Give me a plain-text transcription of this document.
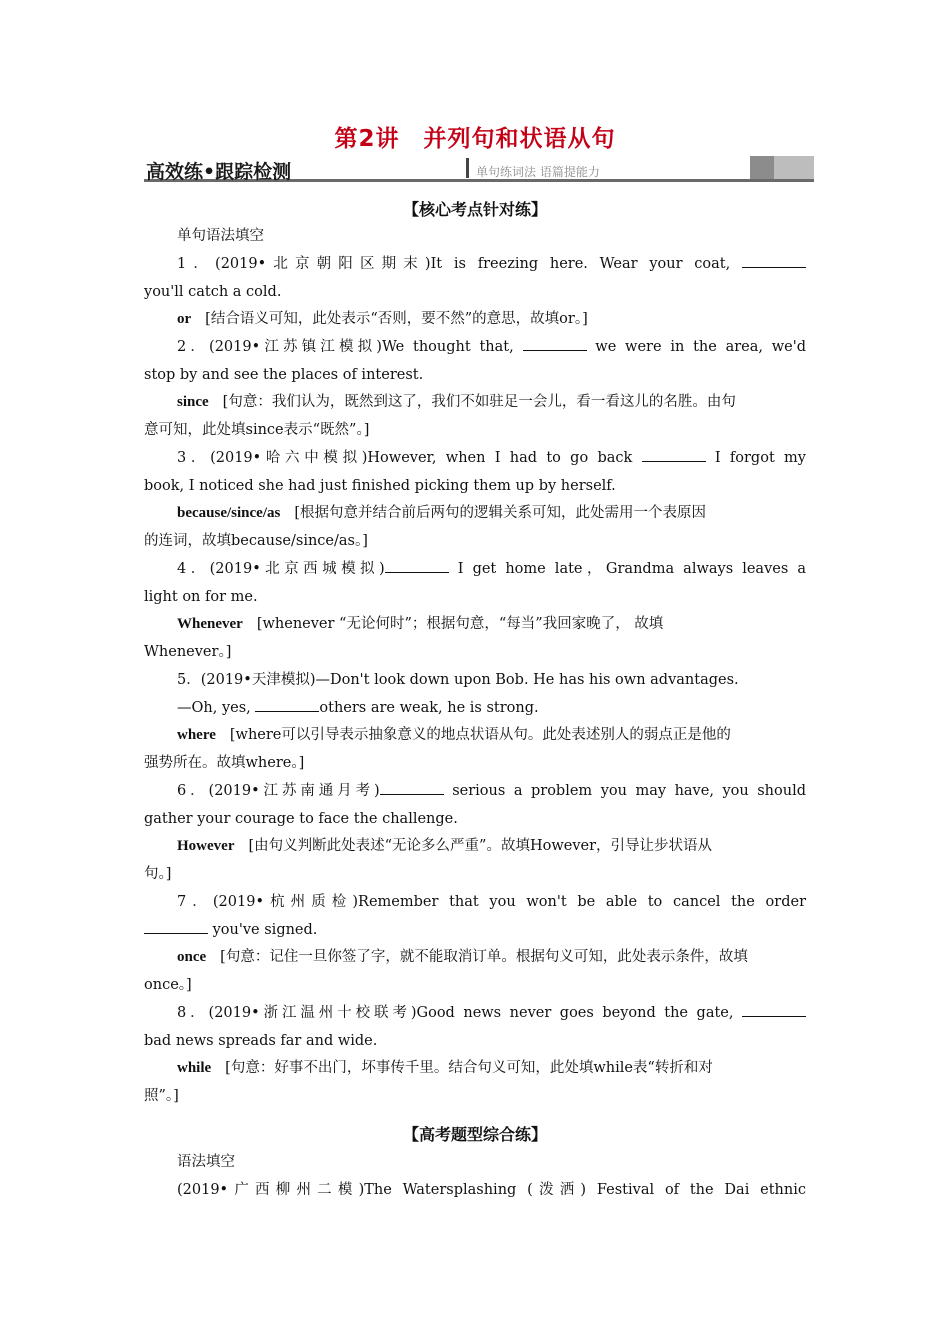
第2讲　并列句和状语从句
高效练•跟踪检测	单句练词法 语篇提能力
【核心考点针对练】
单句语法填空
1．(2019•北京朝阳区期末)It is freezing here. Wear your coat,
you'll catch a cold.
or [结合语义可知，此处表示“否则，要不然”的意思，故填or。]
2．(2019•江苏镇江模拟)We thought that,	we were in the area, we'd
stop by and see the places of interest.
since [句意：我们认为，既然到这了，我们不如驻足一会儿，看一看这儿的名胜。由句
意可知，此处填since表示“既然”。]
3．(2019•哈六中模拟)However, when I had to go back	I forgot my
book, I noticed she had just finished picking them up by herself.
because/since/as [根据句意并结合前后两句的逻辑关系可知，此处需用一个表原因
的连词，故填because/since/as。]
4．(2019•北京西城模拟)	I get home late，Grandma always leaves a
light on for me.
Whenever [whenever “无论何时”；根据句意，“每当”我回家晚了， 故填
Whenever。]
5．(2019•天津模拟)—Don't look down upon Bob. He has his own advantages.
—Oh, yes,	others are weak, he is strong.
where [where可以引导表示抽象意义的地点状语从句。此处表述别人的弱点正是他的
强势所在。故填where。]
6．(2019•江苏南通月考)	serious a problem you may have, you should
gather your courage to face the challenge.
However [由句义判断此处表述“无论多么严重”。故填However，引导让步状语从
句。]
7．(2019•杭州质检)Remember that you won't be able to cancel the order
you've signed.
once [句意：记住一旦你签了字，就不能取消订单。根据句义可知，此处表示条件，故填
once。]
8．(2019•浙江温州十校联考)Good news never goes beyond the gate,
bad news spreads far and wide.
while [句意：好事不出门，坏事传千里。结合句义可知，此处填while表“转折和对
照”。]
【高考题型综合练】
语法填空
(2019•广西柳州二模)The Watersplashing (泼洒) Festival of the Dai ethnic
